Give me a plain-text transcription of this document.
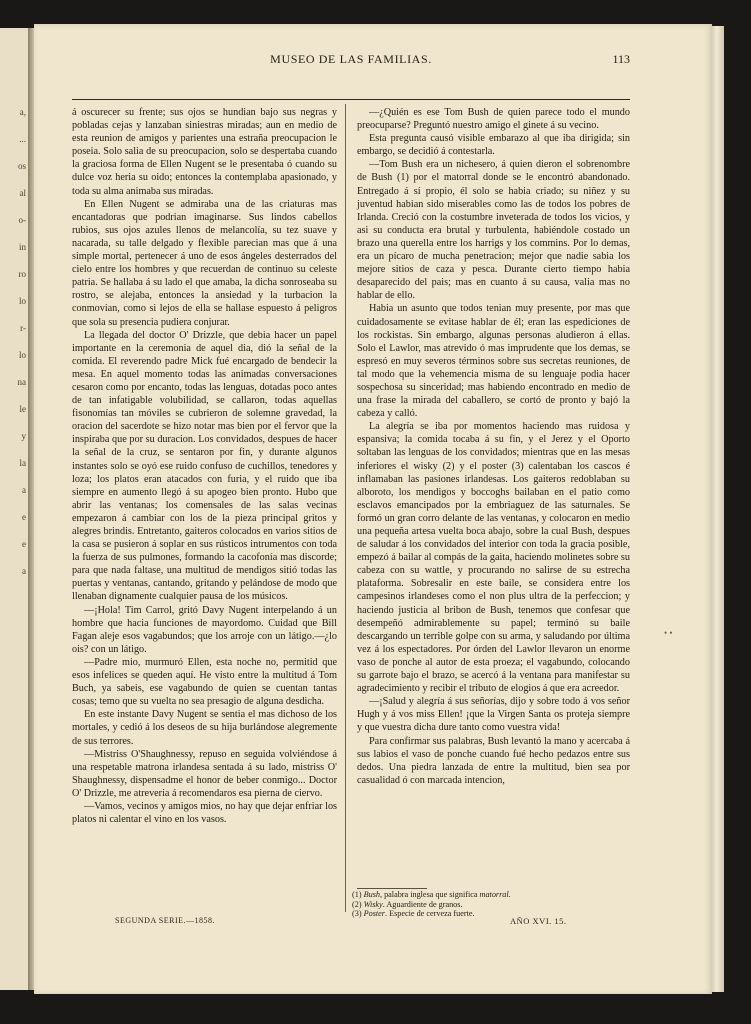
a,
...
os
al
o-
in
ro
lo
r-
lo
na
le
y
la
a
e
e
a
MUSEO DE LAS FAMILIAS.	113

á oscurecer su frente; sus ojos se hundian bajo sus negras y pobladas cejas y lanzaban siniestras miradas; aun en medio de esta reunion de amigos y parientes una estraña preocupacion le poseia. Solo salia de su preocupacion, solo se despertaba cuando la graciosa forma de Ellen Nugent se le presentaba ó cuando su dulce voz heria su oido; entonces la contemplaba apasionado, y toda su alma animaba sus miradas.

En Ellen Nugent se admiraba una de las criaturas mas encantadoras que podrian imaginarse. Sus lindos cabellos rubios, sus ojos azules llenos de melancolía, su tez suave y nacarada, su talle delgado y flexible parecian mas que á una simple mortal, pertenecer á uno de esos ángeles desterrados del cielo entre los hombres y que recuerdan de continuo su celeste patria. Se hallaba á su lado el que amaba, la dicha sonroseaba su rostro, se alejaba, entonces la ansiedad y la turbacion la conmovian, como si lejos de ella se hallase espuesto á peligros que sola su presencia pudiera conjurar.

La llegada del doctor O' Drizzle, que debia hacer un papel importante en la ceremonia de aquel dia, dió la señal de la comida. El reverendo padre Mick fué encargado de bendecir la mesa. En aquel momento todas las animadas conversaciones cesaron como por encanto, todas las lenguas, dotadas poco antes de tan infatigable volubilidad, se callaron, todas aquellas fisonomías tan móviles se cubrieron de solemne gravedad, la oracion del sacerdote se hizo notar mas bien por el fervor que la inspiraba que por su duracion. Los convidados, despues de hacer la señal de la cruz, se sentaron por fin, y durante algunos instantes solo se oyó ese ruido confuso de cuchillos, tenedores y loza; los platos eran atacados con furia, y el ruido que iba siempre en aumento llegó á su apogeo bien pronto. Hubo que abrir las ventanas; los comensales de las salas vecinas empezaron á cambiar con los de la pieza principal gritos y alegres brindis. Entretanto, gaiteros colocados en varios sitios de la casa se pusieron á soplar en sus rústicos intrumentos con toda la fuerza de sus pulmones, formando la cacofonía mas discorde; para que nada faltase, una multitud de mendigos sitió todas las puertas y ventanas, cantando, gritando y pelándose de modo que llenaban dignamente cualquier pausa de los músicos.

—¡Hola! Tim Carrol, gritó Davy Nugent interpelando á un hombre que hacia funciones de mayordomo. Cuidad que Bill Fagan aleje esos vagabundos; que los arroje con un látigo.—¿lo ois? con un látigo.

—Padre mio, murmuró Ellen, esta noche no, permitid que esos infelices se queden aquí. He visto entre la multitud á Tom Buch, ya sabeis, ese vagabundo de quien se cuentan tantas cosas; temo que su vuelta no sea presagio de alguna desdicha.

En este instante Davy Nugent se sentia el mas dichoso de los mortales, y cedió á los deseos de su hija burlándose alegremente de sus terrores.

—Mistriss O'Shaughnessy, repuso en seguida volviéndose á una respetable matrona irlandesa sentada á su lado, mistriss O' Shaughnessy, dispensadme el honor de beber conmigo... Doctor O' Drizzle, me atreveria á recomendaros esa pierna de ciervo.

—Vamos, vecinos y amigos mios, no hay que dejar enfriar los platos ni calentar el vino en los vasos.

—¿Quién es ese Tom Bush de quien parece todo el mundo preocuparse? Preguntó nuestro amigo el ginete á su vecino.

Esta pregunta causó visible embarazo al que iba dirigida; sin embargo, se decidió á contestarla.

—Tom Bush era un nichesero, á quien dieron el sobrenombre de Bush (1) por el matorral donde se le encontró abandonado. Entregado á sí propio, él solo se habia criado; su niñez y su juventud habian sido miserables como las de todos los pobres de Irlanda. Creció con la costumbre inveterada de todos los vicios, y asi su conducta era brutal y turbulenta, habiéndole costado un brazo una querella entre los harrigs y los commins. Por lo demas, era un pícaro de mucha penetracion; mejor que nadie sabia los mejore sitios de caza y pesca. Durante cierto tiempo habia desaparecido del pais; mas en cuanto á su causa, valia mas no hablar de ello.

Habia un asunto que todos tenian muy presente, por mas que cuidadosamente se evitase hablar de él; eran las espediciones de los rockistas. Sin embargo, algunas personas aludieron á ellas. Solo el Lawlor, mas atrevido ó mas imprudente que los demas, se espresó en muy severos términos sobre sus secretas reuniones, de tal modo que la vehemencia misma de su lenguaje podia hacer sospechosa su sinceridad; mas habiendo encontrado en medio de una frase la mirada del caballero, se cortó de pronto y bajó la cabeza y calló.

La alegría se iba por momentos haciendo mas ruidosa y espansiva; la comida tocaba á su fin, y el Jerez y el Oporto soltaban las lenguas de los convidados; mientras que en las mesas inferiores el wisky (2) y el poster (3) calentaban los cascos é inflamaban las pasiones irlandesas. Los gaiteros redoblaban su alboroto, los mendigos y boccoghs bailaban en el patio como esclavos emancipados por la embriaguez de las saturnales. Se formó un gran corro delante de las ventanas, y colocaron en medio una pequeña artesa vuelta boca abajo, sobre la cual Bush, despues de saludar á los convidados del interior con toda la gracia posible, empezó á bailar al compás de la gaita, haciendo molinetes sobre su cabeza con su wattle, y procurando no salirse de su estrecha plataforma. Sobresalir en este baile, se considera entre los campesinos irlandeses como el non plus ultra de la perfeccion; y haciendo justicia al bribon de Bush, tenemos que confesar que desempeñó admirablemente su papel; terminó su baile descargando un terrible golpe con su arma, y saludando por última vez á los espectadores. Por órden del Lawlor llevaron un enorme vaso de ponche al autor de esta proeza; el vagabundo, colocando su garrote bajo el brazo, se acercó á la ventana para manifestar su agradecimiento y recibir el tributo de elogios á que era acreedor.

—¡Salud y alegría á sus señorías, dijo y sobre todo á vos señor Hugh y á vos miss Ellen! ¡que la Virgen Santa os proteja siempre y que vuestra dicha dure tanto como vuestra vida!

Para confirmar sus palabras, Bush levantó la mano y acercaba á sus labios el vaso de ponche cuando fué hecho pedazos entre sus dedos. Una piedra lanzada de entre la multitud, bien sea por casualidad ó con marcada intencion,

• •
(1) Bush, palabra inglesa que significa matorral.
(2) Wisky. Aguardiente de granos.
(3) Poster. Especie de cerveza fuerte.
SEGUNDA SERIE.—1858.	AÑO XVI. 15.
